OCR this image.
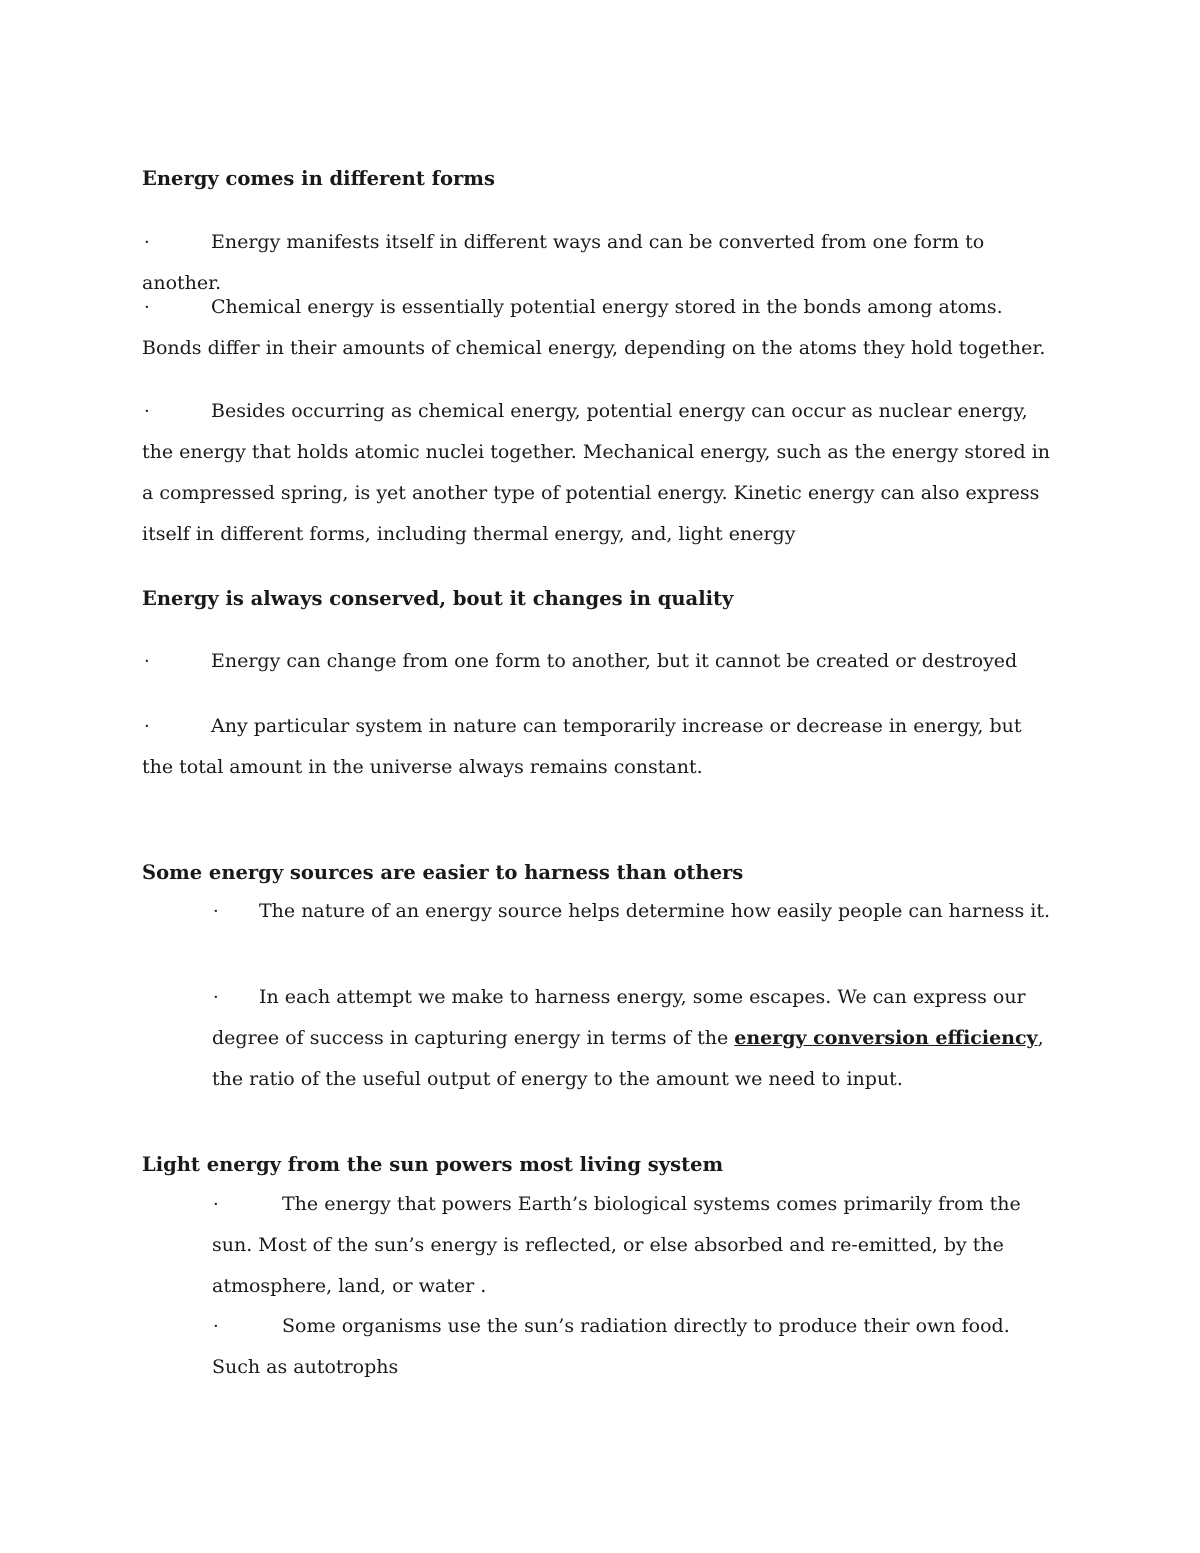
Energy comes in different forms
·	Energy manifests itself in different ways and can be converted from one form to another.
·	Chemical energy is essentially potential energy stored in the bonds among atoms. Bonds differ in their amounts of chemical energy, depending on the atoms they hold together.
·	Besides occurring as chemical energy, potential energy can occur as nuclear energy, the energy that holds atomic nuclei together. Mechanical energy, such as the energy stored in a compressed spring, is yet another type of potential energy. Kinetic energy can also express itself in different forms, including thermal energy, and, light energy
Energy is always conserved, bout it changes in quality
·	Energy can change from one form to another, but it cannot be created or destroyed
·	Any particular system in nature can temporarily increase or decrease in energy, but the total amount in the universe always remains constant.
Some energy sources are easier to harness than others
·	The nature of an energy source helps determine how easily people can harness it.
·	In each attempt we make to harness energy, some escapes. We can express our degree of success in capturing energy in terms of the energy conversion efficiency, the ratio of the useful output of energy to the amount we need to input.
Light energy from the sun powers most living system
·	The energy that powers Earth’s biological systems comes primarily from the sun. Most of the sun’s energy is reflected, or else absorbed and re-emitted, by the atmosphere, land, or water .
·	Some organisms use the sun’s radiation directly to produce their own food. Such as autotrophs
